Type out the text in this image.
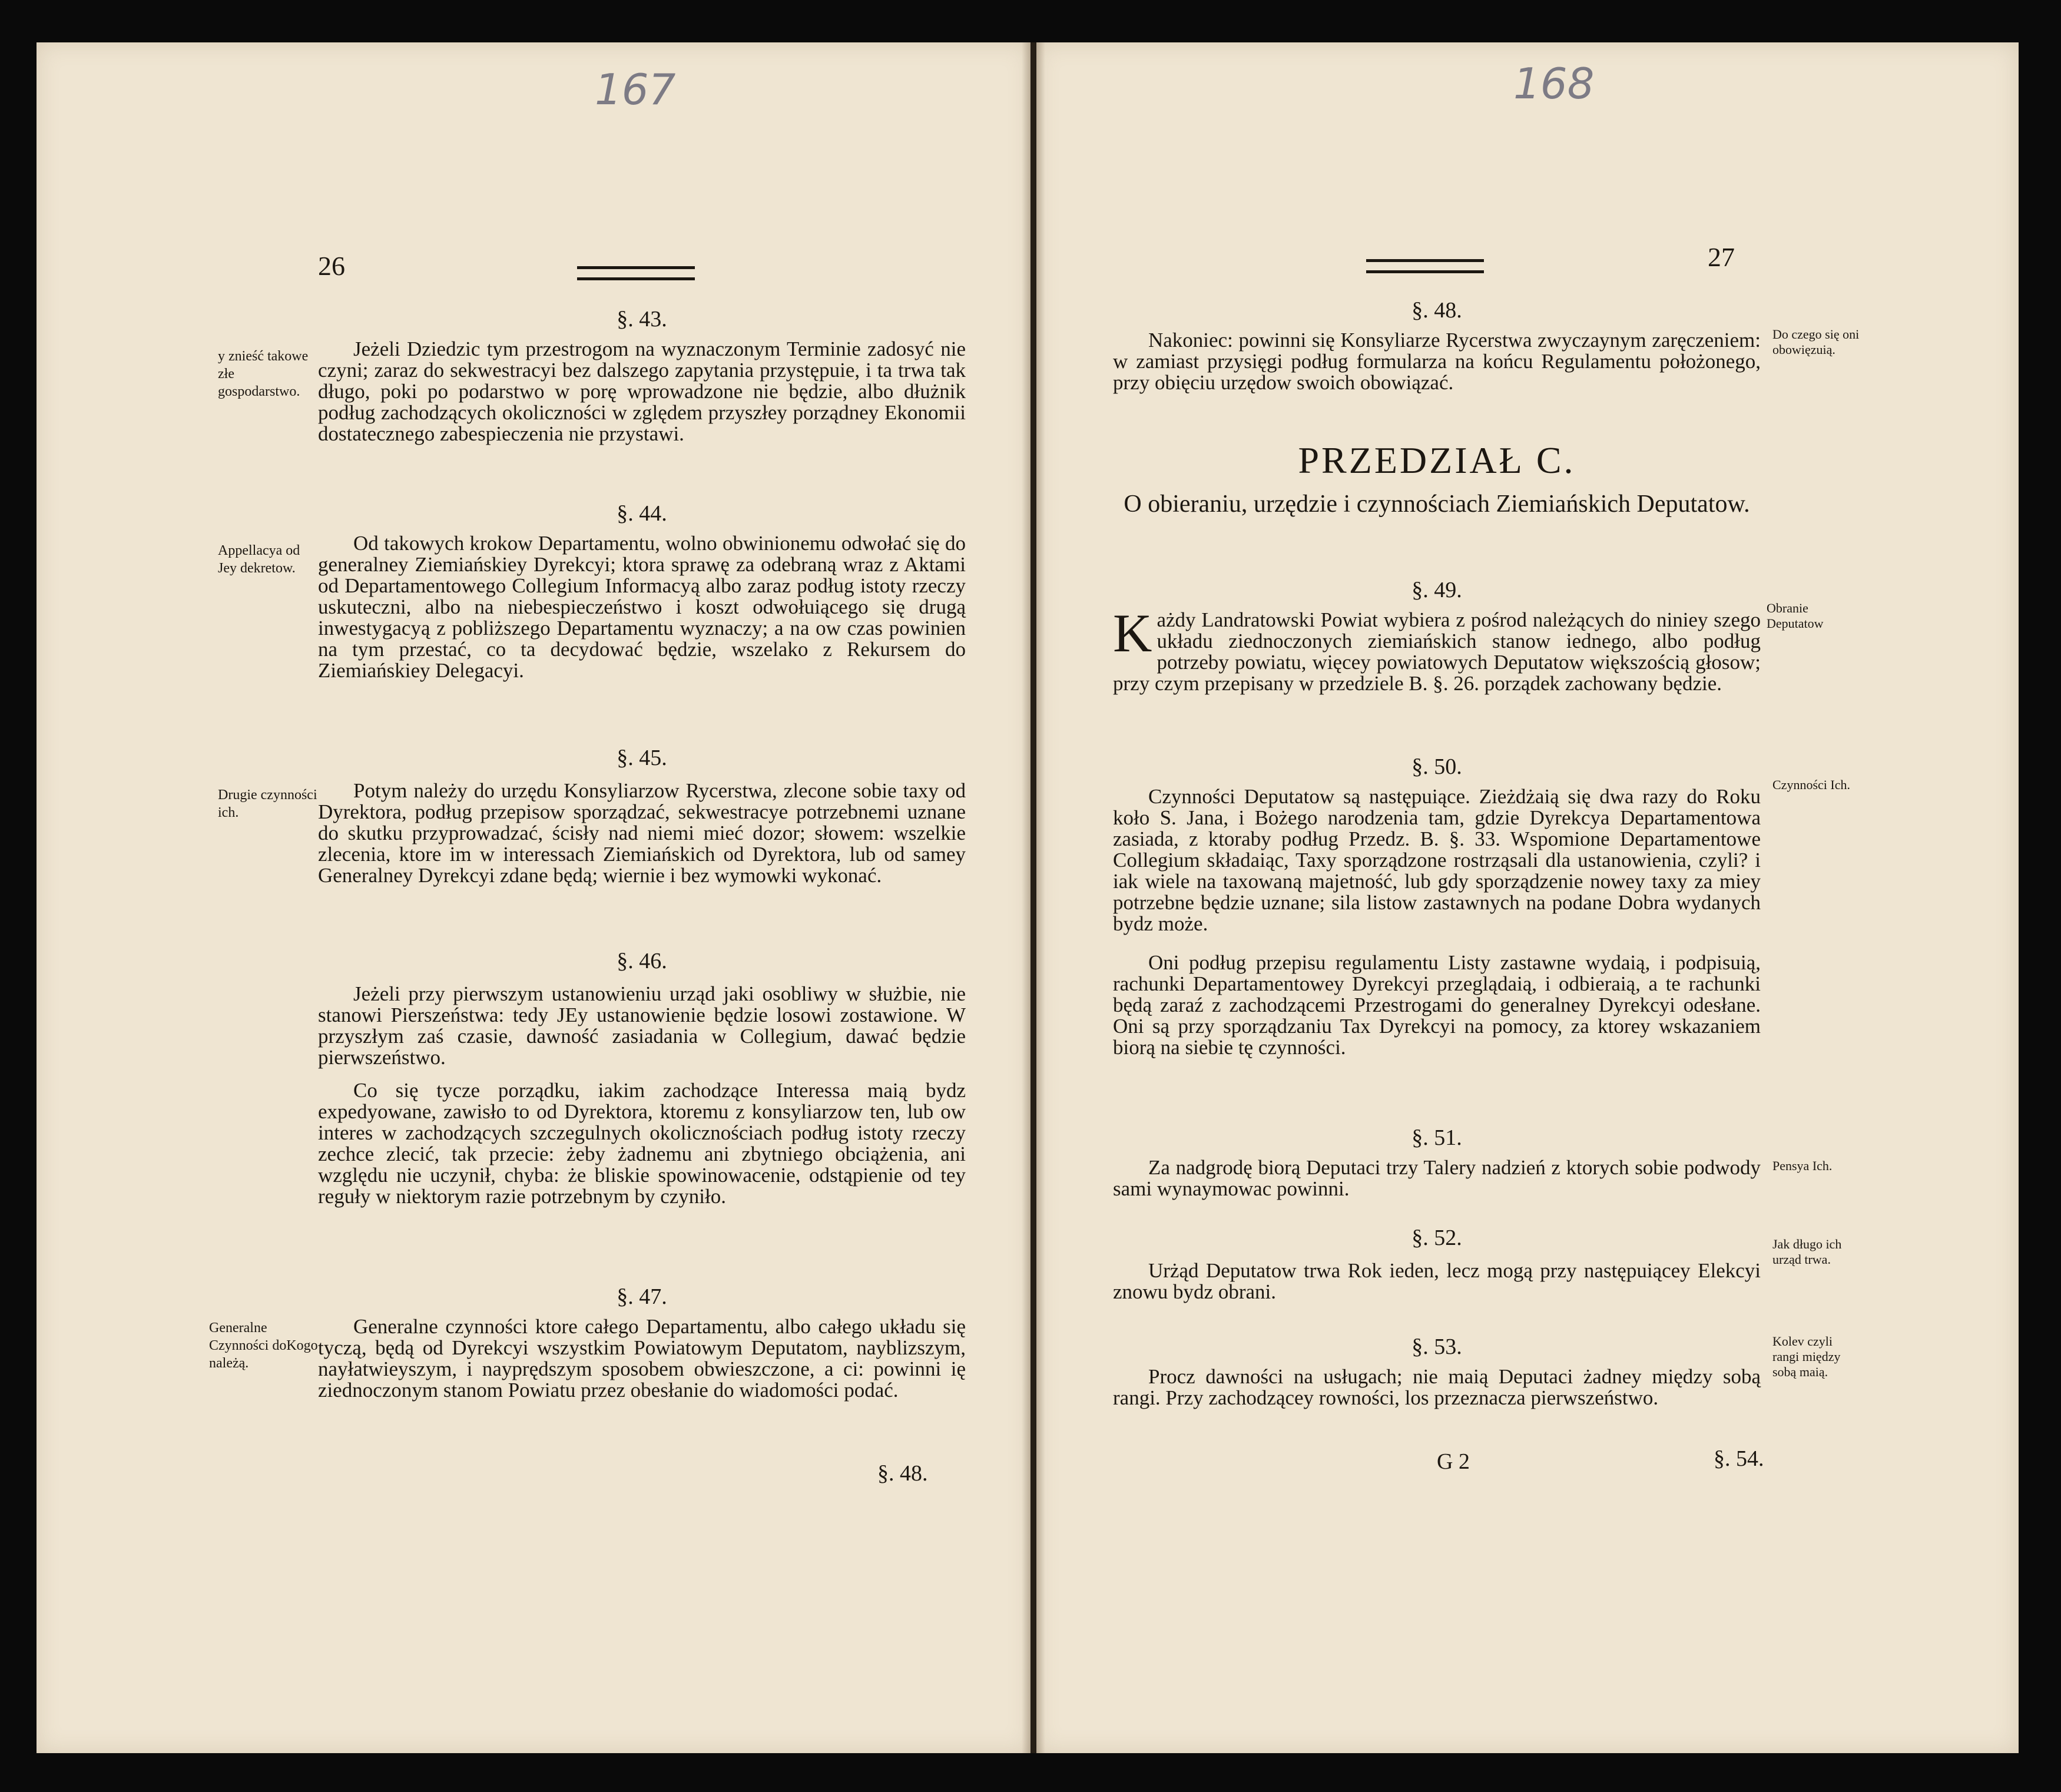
167
26
§. 43.
y znieść takowe złe gospodarstwo.

Jeżeli Dziedzic tym przestrogom na wyznaczonym Terminie zadosyć nie czyni; zaraz do sekwestracyi bez dalszego zapytania przystępuie, i ta trwa tak długo, poki po podarstwo w porę wprowadzone nie będzie, albo dłużnik podług zachodzących okoliczności w zględem przyszłey porządney Ekonomii dostatecznego zabespieczenia nie przystawi.

§. 44.
Appellacya od Jey dekretow.

Od takowych krokow Departamentu, wolno obwinionemu odwołać się do generalney Ziemiańskiey Dyrekcyi; ktora sprawę za odebraną wraz z Aktami od Departamentowego Collegium Informacyą albo zaraz podług istoty rzeczy uskuteczni, albo na niebespieczeństwo i koszt odwołuiącego się drugą inwestygacyą z pobliższego Departamentu wyznaczy; a na ow czas powinien na tym przestać, co ta decydować będzie, wszelako z Rekursem do Ziemiańskiey Delegacyi.

§. 45.
Drugie czynności ich.

Potym należy do urzędu Konsyliarzow Rycerstwa, zlecone sobie taxy od Dyrektora, podług przepisow sporządzać, sekwestracye potrzebnemi uznane do skutku przyprowadzać, ścisły nad niemi mieć dozor; słowem: wszelkie zlecenia, ktore im w interessach Ziemiańskich od Dyrektora, lub od samey Generalney Dyrekcyi zdane będą; wiernie i bez wymowki wykonać.

§. 46.

Jeżeli przy pierwszym ustanowieniu urząd jaki osobliwy w służbie, nie stanowi Pierszeństwa: tedy JEy ustanowienie będzie losowi zostawione. W przyszłym zaś czasie, dawność zasiadania w Collegium, dawać będzie pierwszeństwo.

Co się tycze porządku, iakim zachodzące Interessa maią bydz expedyowane, zawisło to od Dyrektora, ktoremu z konsyliarzow ten, lub ow interes w zachodzących szczegulnych okolicznościach podług istoty rzeczy zechce zlecić, tak przecie: żeby żadnemu ani zbytniego obciążenia, ani względu nie uczynił, chyba: że bliskie spowinowacenie, odstąpienie od tey reguły w niektorym razie potrzebnym by czyniło.

§. 47.
Generalne Czynności doKogo należą.

Generalne czynności ktore całego Departamentu, albo całego układu się tyczą, będą od Dyrekcyi wszystkim Powiatowym Deputatom, nayblizszym, nayłatwieyszym, i nayprędszym sposobem obwieszczone, a ci: powinni ię ziednoczonym stanom Powiatu przez obesłanie do wiadomości podać.

§. 48.
168
27
§. 48.
Do czego się oni obowięzuią.

Nakoniec: powinni się Konsyliarze Rycerstwa zwyczaynym zaręczeniem: w zamiast przysięgi podług formularza na końcu Regulamentu położonego, przy obięciu urzędow swoich obowiązać.

PRZEDZIAŁ C.
O obieraniu, urzędzie i czynnościach Ziemiańskich Deputatow.
§. 49.
Obranie Deputatow
K ażdy Landratowski Powiat wybiera z pośrod należących do niniey szego układu ziednoczonych ziemiańskich stanow iednego, albo podług potrzeby powiatu, więcey powiatowych Deputatow większością głosow; przy czym przepisany w przedziele B. §. 26. porządek zachowany będzie.

§. 50.
Czynności Ich.

Czynności Deputatow są następuiące. Zieżdżaią się dwa razy do Roku koło S. Jana, i Bożego narodzenia tam, gdzie Dyrekcya Departamentowa zasiada, z ktoraby podług Przedz. B. §. 33. Wspomione Departamentowe Collegium składaiąc, Taxy sporządzone rostrząsali dla ustanowienia, czyli? i iak wiele na taxowaną majetność, lub gdy sporządzenie nowey taxy za miey potrzebne będzie uznane; sila listow zastawnych na podane Dobra wydanych bydz może.

Oni podług przepisu regulamentu Listy zastawne wydaią, i podpisuią, rachunki Departamentowey Dyrekcyi przeglądaią, i odbieraią, a te rachunki będą zaraź z zachodzącemi Przestrogami do generalney Dyrekcyi odesłane. Oni są przy sporządzaniu Tax Dyrekcyi na pomocy, za ktorey wskazaniem biorą na siebie tę czynności.

§. 51.
Pensya Ich.

Za nadgrodę biorą Deputaci trzy Talery nadzień z ktorych sobie podwody sami wynaymowac powinni.

§. 52.	Jak długo ich urząd trwa.

Urżąd Deputatow trwa Rok ieden, lecz mogą przy następuiącey Elekcyi znowu bydz obrani.

§. 53.	Kolev czyli rangi między sobą maią.

Procz dawności na usługach; nie maią Deputaci żadney między sobą rangi. Przy zachodzącey rowności, los przeznacza pierwszeństwo.

G 2	§. 54.
